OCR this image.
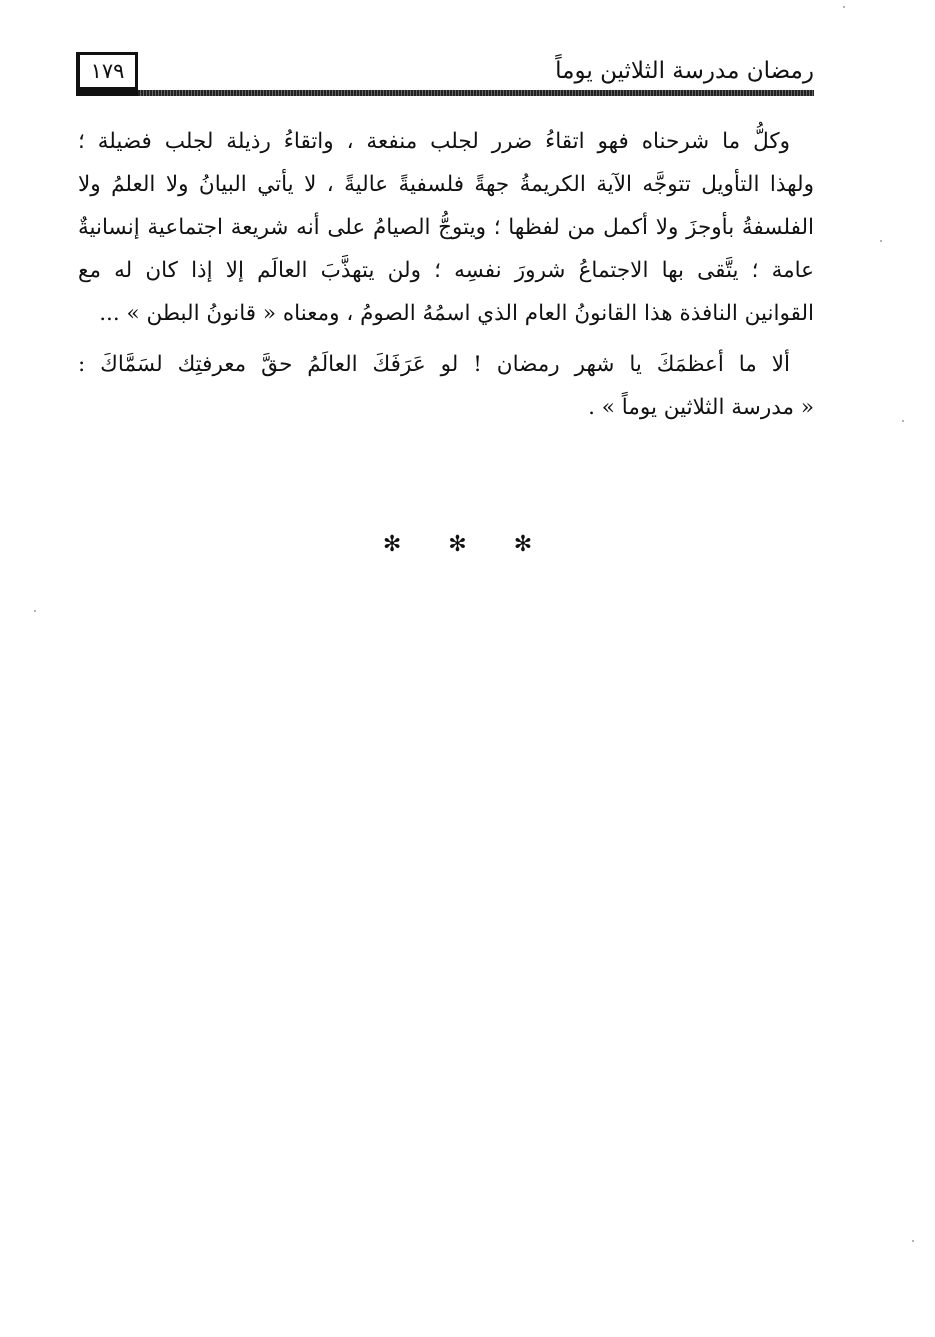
١٧٩	رمضان مدرسة الثلاثين يوماً
وكلُّ ما شرحناه فهو اتقاءُ ضرر لجلب منفعة ، واتقاءُ رذيلة لجلب فضيلة ؛
ولهذا التأويل تتوجَّه الآية الكريمةُ جهةً فلسفيةً عاليةً ، لا يأتي البيانُ ولا العلمُ ولا
الفلسفةُ بأوجزَ ولا أكمل من لفظها ؛ ويتوجُّ الصيامُ على أنه شريعة اجتماعية إنسانيةٌ
عامة ؛ يتَّقى بها الاجتماعُ شرورَ نفسِه ؛ ولن يتهذَّبَ العالَم إلا إذا كان له مع
القوانين النافذة هذا القانونُ العام الذي اسمُهُ الصومُ ، ومعناه « قانونُ البطن » ...
ألا ما أعظمَكَ يا شهر رمضان ! لو عَرَفَكَ العالَمُ حقَّ معرفتِك لسَمَّاكَ :
« مدرسة الثلاثين يوماً » .
✻ ✻ ✻
